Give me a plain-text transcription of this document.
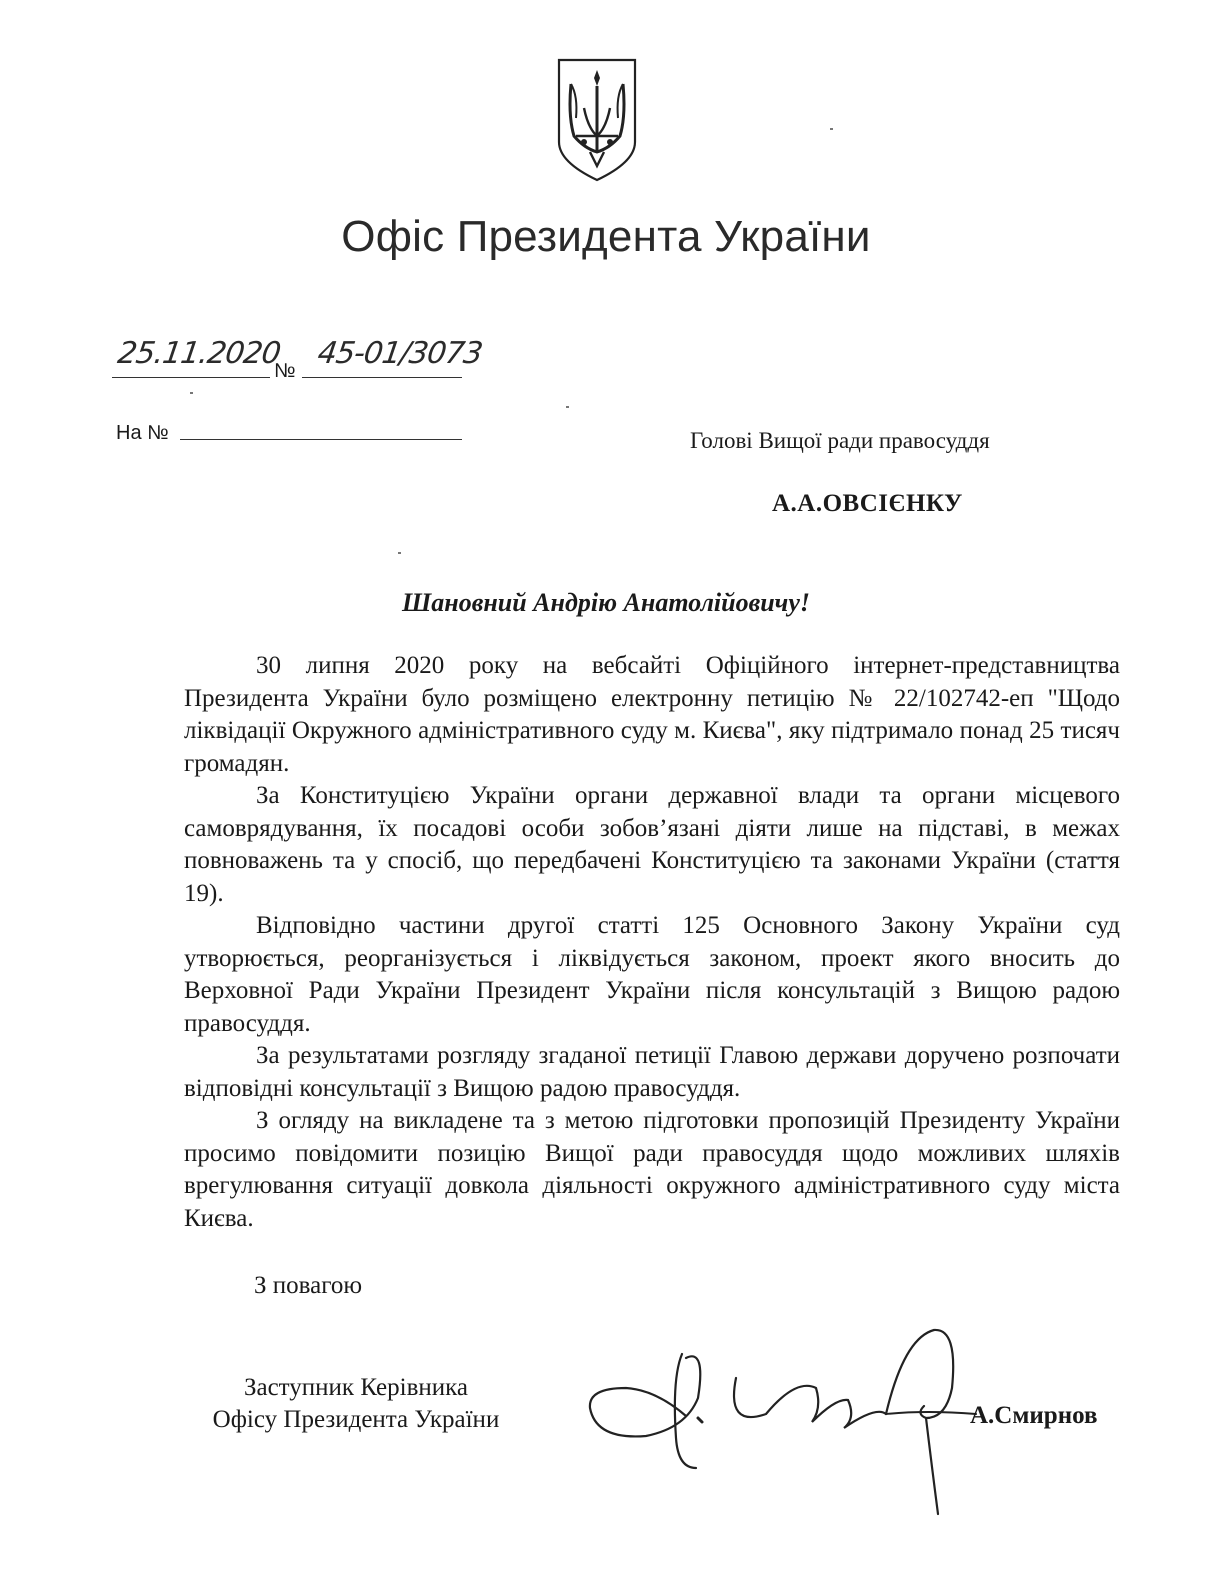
Офіс Президента України
25.11.2020
№ 45-01/3073
На №	Голові Вищої ради правосуддя
А.А.ОВСІЄНКУ
Шановний Андрію Анатолійовичу!

30 липня 2020 року на вебсайті Офіційного інтернет-представництва Президента України було розміщено електронну петицію № 22/102742-еп "Щодо ліквідації Окружного адміністративного суду м. Києва", яку підтримало понад 25 тисяч громадян.

За Конституцією України органи державної влади та органи місцевого самоврядування, їх посадові особи зобов’язані діяти лише на підставі, в межах повноважень та у спосіб, що передбачені Конституцією та законами України (стаття 19).

Відповідно частини другої статті 125 Основного Закону України суд утворюється, реорганізується і ліквідується законом, проект якого вносить до Верховної Ради України Президент України після консультацій з Вищою радою правосуддя.

За результатами розгляду згаданої петиції Главою держави доручено розпочати відповідні консультації з Вищою радою правосуддя.

З огляду на викладене та з метою підготовки пропозицій Президенту України просимо повідомити позицію Вищої ради правосуддя щодо можливих шляхів врегулювання ситуації довкола діяльності окружного адміністративного суду міста Києва.

З повагою
Заступник Керівника
Офісу Президента України	А.Смирнов
